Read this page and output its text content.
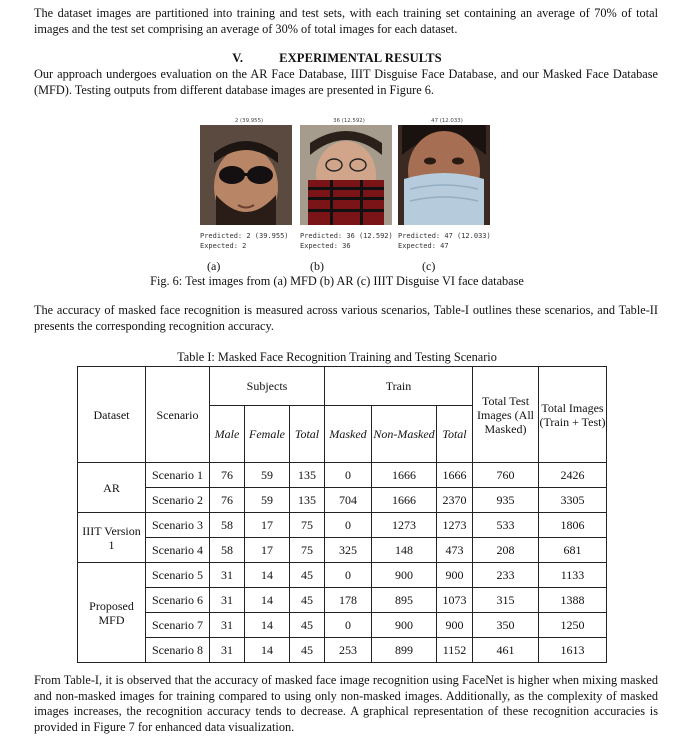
The dataset images are partitioned into training and test sets, with each training set containing an average of 70% of total images and the test set comprising an average of 30% of total images for each dataset.

V.	EXPERIMENTAL RESULTS

Our approach undergoes evaluation on the AR Face Database, IIIT Disguise Face Database, and our Masked Face Database (MFD). Testing outputs from different database images are presented in Figure 6.

2 (39.955)
Predicted: 2 (39.955)
Expected: 2
36 (12.592)
Predicted: 36 (12.592)
Expected: 36
47 (12.033)
Predicted: 47 (12.033)
Expected: 47
(a)	(b)	(c)
Fig. 6: Test images from (a) MFD (b) AR (c) IIIT Disguise VI face database

The accuracy of masked face recognition is measured across various scenarios, Table-I outlines these scenarios, and Table-II presents the corresponding recognition accuracy.

Table I: Masked Face Recognition Training and Testing Scenario
Dataset	Scenario	Subjects			Train			Total Test Images (All Masked)	Total Images (Train + Test)
		Male	Female	Total	Masked	Non-Masked	Total		
AR	Scenario 1	76	59	135	0	1666	1666	760	2426
	Scenario 2	76	59	135	704	1666	2370	935	3305
IIIT Version 1	Scenario 3	58	17	75	0	1273	1273	533	1806
	Scenario 4	58	17	75	325	148	473	208	681
Proposed MFD	Scenario 5	31	14	45	0	900	900	233	1133
	Scenario 6	31	14	45	178	895	1073	315	1388
	Scenario 7	31	14	45	0	900	900	350	1250
	Scenario 8	31	14	45	253	899	1152	461	1613

From Table-I, it is observed that the accuracy of masked face image recognition using FaceNet is higher when mixing masked and non-masked images for training compared to using only non-masked images. Additionally, as the complexity of masked images increases, the recognition accuracy tends to decrease. A graphical representation of these recognition accuracies is provided in Figure 7 for enhanced data visualization.
